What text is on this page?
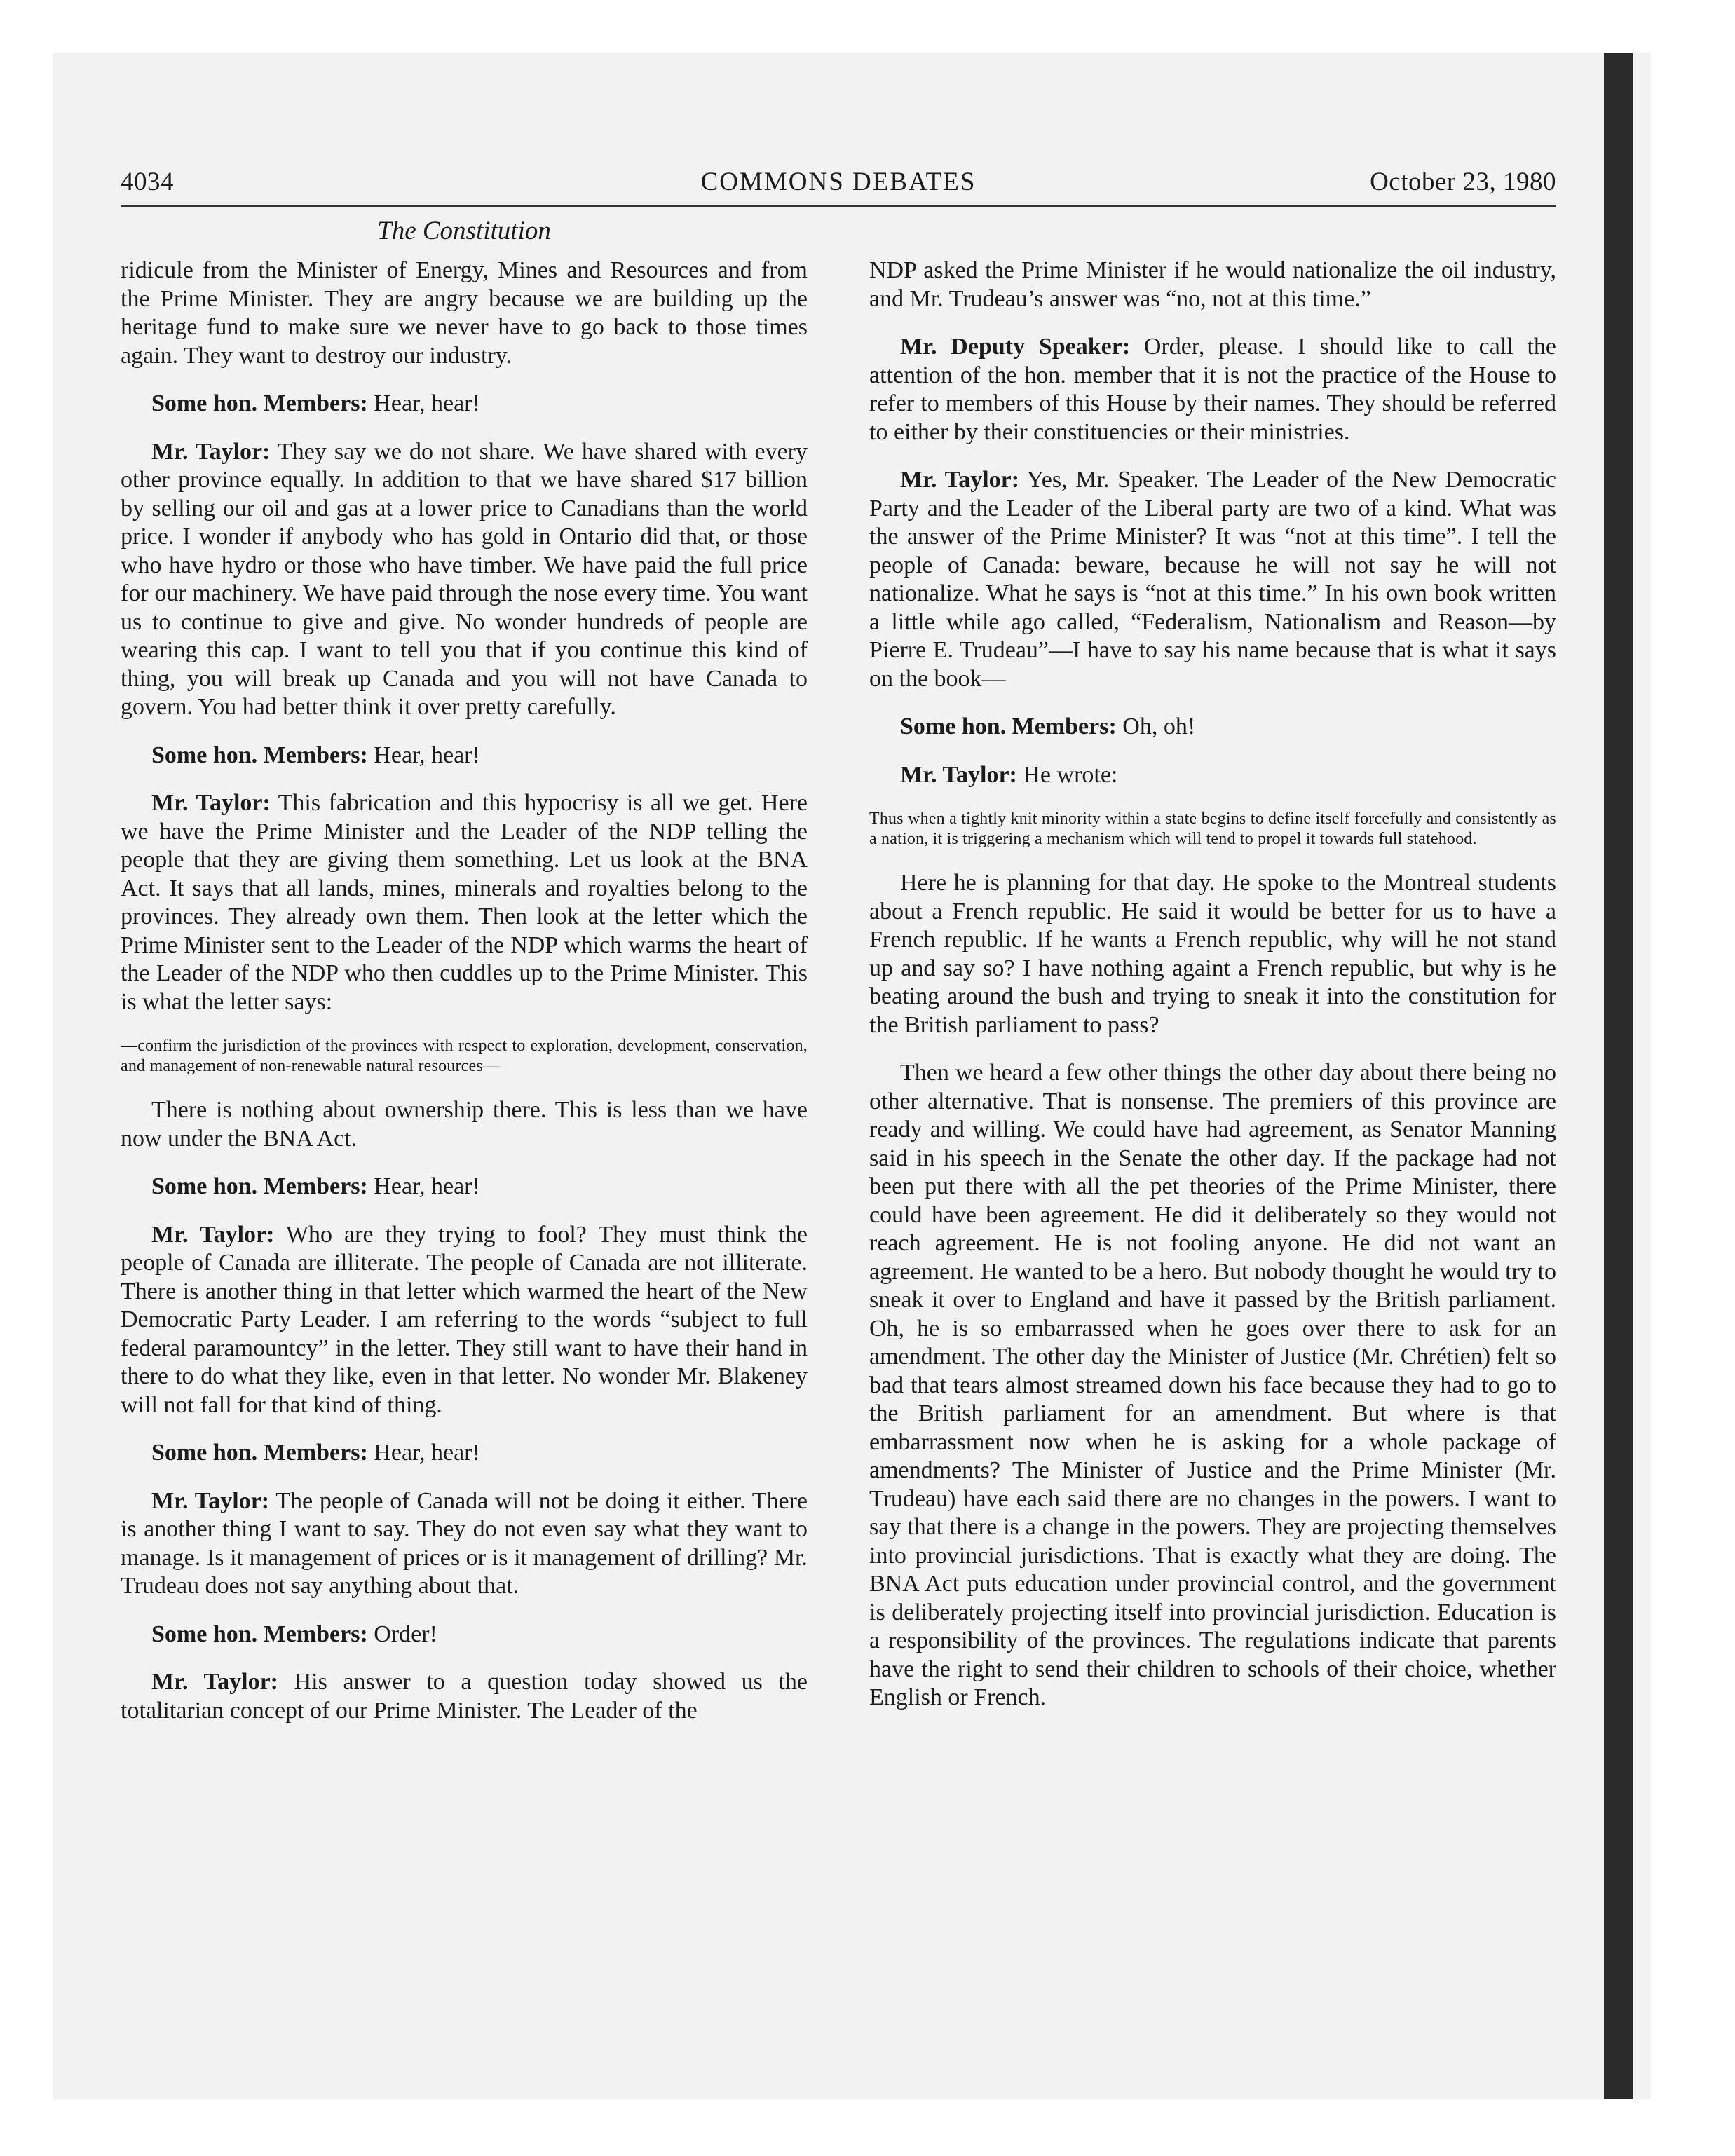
4034	COMMONS DEBATES	October 23, 1980
The Constitution

ridicule from the Minister of Energy, Mines and Resources and from the Prime Minister. They are angry because we are building up the heritage fund to make sure we never have to go back to those times again. They want to destroy our industry.

Some hon. Members: Hear, hear!

Mr. Taylor: They say we do not share. We have shared with every other province equally. In addition to that we have shared $17 billion by selling our oil and gas at a lower price to Canadians than the world price. I wonder if anybody who has gold in Ontario did that, or those who have hydro or those who have timber. We have paid the full price for our machinery. We have paid through the nose every time. You want us to continue to give and give. No wonder hundreds of people are wearing this cap. I want to tell you that if you continue this kind of thing, you will break up Canada and you will not have Canada to govern. You had better think it over pretty carefully.

Some hon. Members: Hear, hear!

Mr. Taylor: This fabrication and this hypocrisy is all we get. Here we have the Prime Minister and the Leader of the NDP telling the people that they are giving them something. Let us look at the BNA Act. It says that all lands, mines, minerals and royalties belong to the provinces. They already own them. Then look at the letter which the Prime Minister sent to the Leader of the NDP which warms the heart of the Leader of the NDP who then cuddles up to the Prime Minister. This is what the letter says:

—confirm the jurisdiction of the provinces with respect to exploration, development, conservation, and management of non-renewable natural resources—

There is nothing about ownership there. This is less than we have now under the BNA Act.

Some hon. Members: Hear, hear!

Mr. Taylor: Who are they trying to fool? They must think the people of Canada are illiterate. The people of Canada are not illiterate. There is another thing in that letter which warmed the heart of the New Democratic Party Leader. I am referring to the words “subject to full federal paramountcy” in the letter. They still want to have their hand in there to do what they like, even in that letter. No wonder Mr. Blakeney will not fall for that kind of thing.

Some hon. Members: Hear, hear!

Mr. Taylor: The people of Canada will not be doing it either. There is another thing I want to say. They do not even say what they want to manage. Is it management of prices or is it management of drilling? Mr. Trudeau does not say anything about that.

Some hon. Members: Order!

Mr. Taylor: His answer to a question today showed us the totalitarian concept of our Prime Minister. The Leader of the

NDP asked the Prime Minister if he would nationalize the oil industry, and Mr. Trudeau’s answer was “no, not at this time.”

Mr. Deputy Speaker: Order, please. I should like to call the attention of the hon. member that it is not the practice of the House to refer to members of this House by their names. They should be referred to either by their constituencies or their ministries.

Mr. Taylor: Yes, Mr. Speaker. The Leader of the New Democratic Party and the Leader of the Liberal party are two of a kind. What was the answer of the Prime Minister? It was “not at this time”. I tell the people of Canada: beware, because he will not say he will not nationalize. What he says is “not at this time.” In his own book written a little while ago called, “Federalism, Nationalism and Reason—by Pierre E. Trudeau”—I have to say his name because that is what it says on the book—

Some hon. Members: Oh, oh!

Mr. Taylor: He wrote:

Thus when a tightly knit minority within a state begins to define itself forcefully and consistently as a nation, it is triggering a mechanism which will tend to propel it towards full statehood.

Here he is planning for that day. He spoke to the Montreal students about a French republic. He said it would be better for us to have a French republic. If he wants a French republic, why will he not stand up and say so? I have nothing againt a French republic, but why is he beating around the bush and trying to sneak it into the constitution for the British parliament to pass?

Then we heard a few other things the other day about there being no other alternative. That is nonsense. The premiers of this province are ready and willing. We could have had agreement, as Senator Manning said in his speech in the Senate the other day. If the package had not been put there with all the pet theories of the Prime Minister, there could have been agreement. He did it deliberately so they would not reach agreement. He is not fooling anyone. He did not want an agreement. He wanted to be a hero. But nobody thought he would try to sneak it over to England and have it passed by the British parliament. Oh, he is so embarrassed when he goes over there to ask for an amendment. The other day the Minister of Justice (Mr. Chrétien) felt so bad that tears almost streamed down his face because they had to go to the British parliament for an amendment. But where is that embarrassment now when he is asking for a whole package of amendments? The Minister of Justice and the Prime Minister (Mr. Trudeau) have each said there are no changes in the powers. I want to say that there is a change in the powers. They are projecting themselves into provincial jurisdictions. That is exactly what they are doing. The BNA Act puts education under provincial control, and the government is deliberately projecting itself into provincial jurisdiction. Education is a responsibility of the provinces. The regulations indicate that parents have the right to send their children to schools of their choice, whether English or French.
